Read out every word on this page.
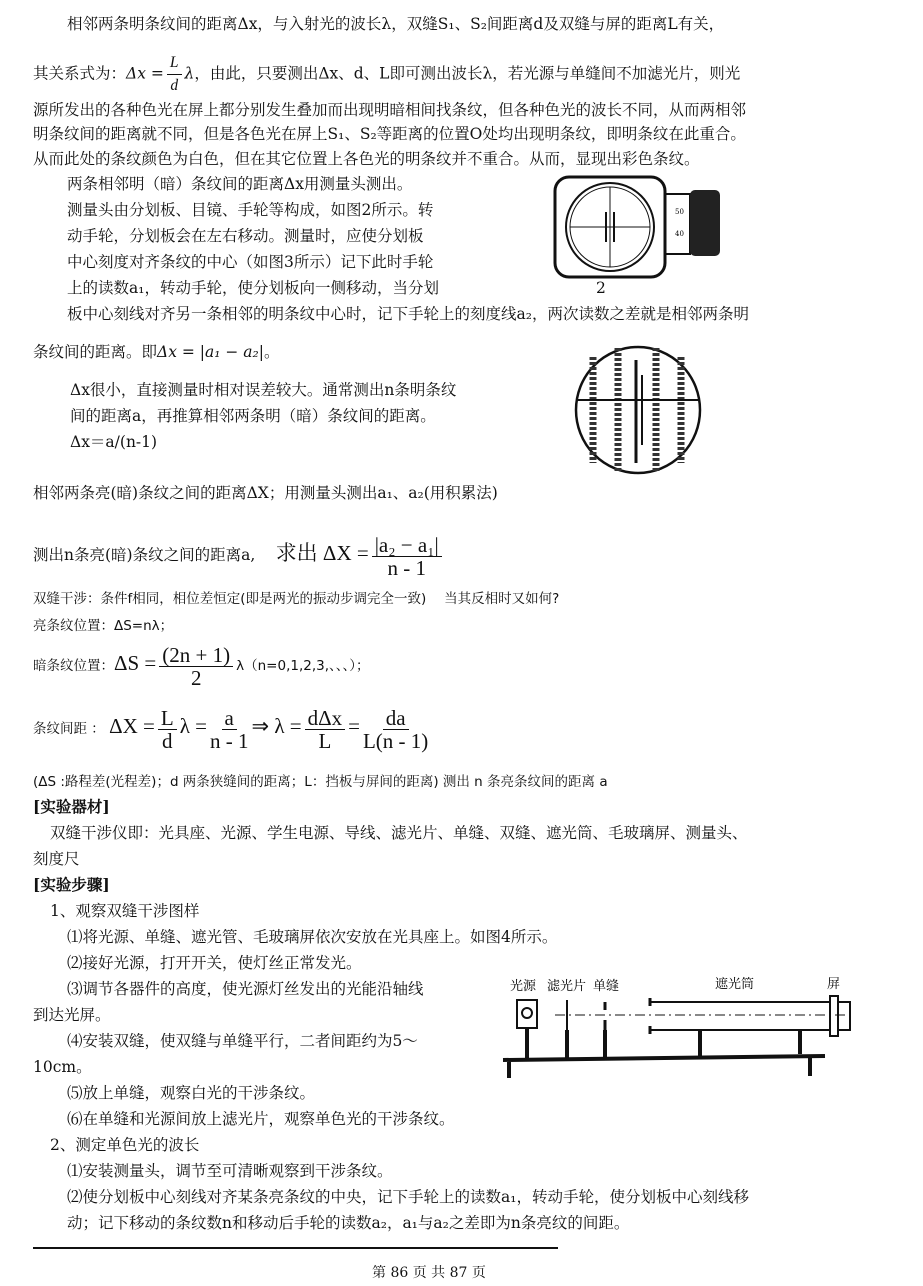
相邻两条明条纹间的距离Δx，与入射光的波长λ，双缝S₁、S₂间距离d及双缝与屏的距离L有关，
其关系式为：$\Delta x = \frac{L}{d}$ λ，由此，只要测出Δx、d、L即可测出波长λ，若光源与单缝间不加滤光片，则光
源所发出的各种色光在屏上都分别发生叠加而出现明暗相间找条纹，但各种色光的波长不同，从而两相邻
明条纹间的距离就不同，但是各色光在屏上S₁、S₂等距离的位置O处均出现明条纹，即明条纹在此重合。
从而此处的条纹颜色为白色，但在其它位置上各色光的明条纹并不重合。从而，显现出彩色条纹。
两条相邻明（暗）条纹间的距离Δx用测量头测出。
测量头由分划板、目镜、手轮等构成，如图2所示。转
动手轮，分划板会在左右移动。测量时，应使分划板
中心刻度对齐条纹的中心（如图3所示）记下此时手轮
上的读数a₁，转动手轮，使分划板向一侧移动，当分划
板中心刻线对齐另一条相邻的明条纹中心时，记下手轮上的刻度线a₂，两次读数之差就是相邻两条明
条纹间的距离。即Δx = |a₁ − a₂|。
50
40
2
Δx很小，直接测量时相对误差较大。通常测出n条明条纹
间的距离a，再推算相邻两条明（暗）条纹间的距离。
Δx＝a/(n-1)
相邻两条亮(暗)条纹之间的距离ΔX；用测量头测出a₁、a₂(用积累法)
测出n条亮(暗)条纹之间的距离a,　 求出 $\Delta X = \frac{\text{|a₂ − a₁|}}{n - 1}$
双缝干涉：条件f相同，相位差恒定(即是两光的振动步调完全一致)　 当其反相时又如何?
亮条纹位置：ΔS=nλ；
暗条纹位置：$\Delta S = \frac{(2n + 1)}{2} \lambda(n=0,1,2,3$,、、、）；
条纹间距 ： $\Delta X = \frac{L}{d}$ $\lambda = \frac{a}{n - 1}$ ⇒ $\lambda = \frac{\text{dΔx}}{L} = \frac{da}{L(n - 1)}$
(ΔS :路程差(光程差)；d 两条狭缝间的距离；L：挡板与屏间的距离) 测出 n 条亮条纹间的距离 a
[实验器材]
双缝干涉仪即：光具座、光源、学生电源、导线、滤光片、单缝、双缝、遮光筒、毛玻璃屏、测量头、
刻度尺
[实验步骤]
1、观察双缝干涉图样
⑴将光源、单缝、遮光管、毛玻璃屏依次安放在光具座上。如图4所示。
⑵接好光源，打开开关，使灯丝正常发光。
⑶调节各器件的高度，使光源灯丝发出的光能沿轴线
到达光屏。
⑷安装双缝，使双缝与单缝平行，二者间距约为5～
10cm。
⑸放上单缝，观察白光的干涉条纹。
⑹在单缝和光源间放上滤光片，观察单色光的干涉条纹。
2、测定单色光的波长
⑴安装测量头，调节至可清晰观察到干涉条纹。
⑵使分划板中心刻线对齐某条亮条纹的中央，记下手轮上的读数a₁，转动手轮，使分划板中心刻线移
动；记下移动的条纹数n和移动后手轮的读数a₂，a₁与a₂之差即为n条亮纹的间距。
光源 滤光片 单缝	遮光筒	屏
第 86 页 共 87 页
